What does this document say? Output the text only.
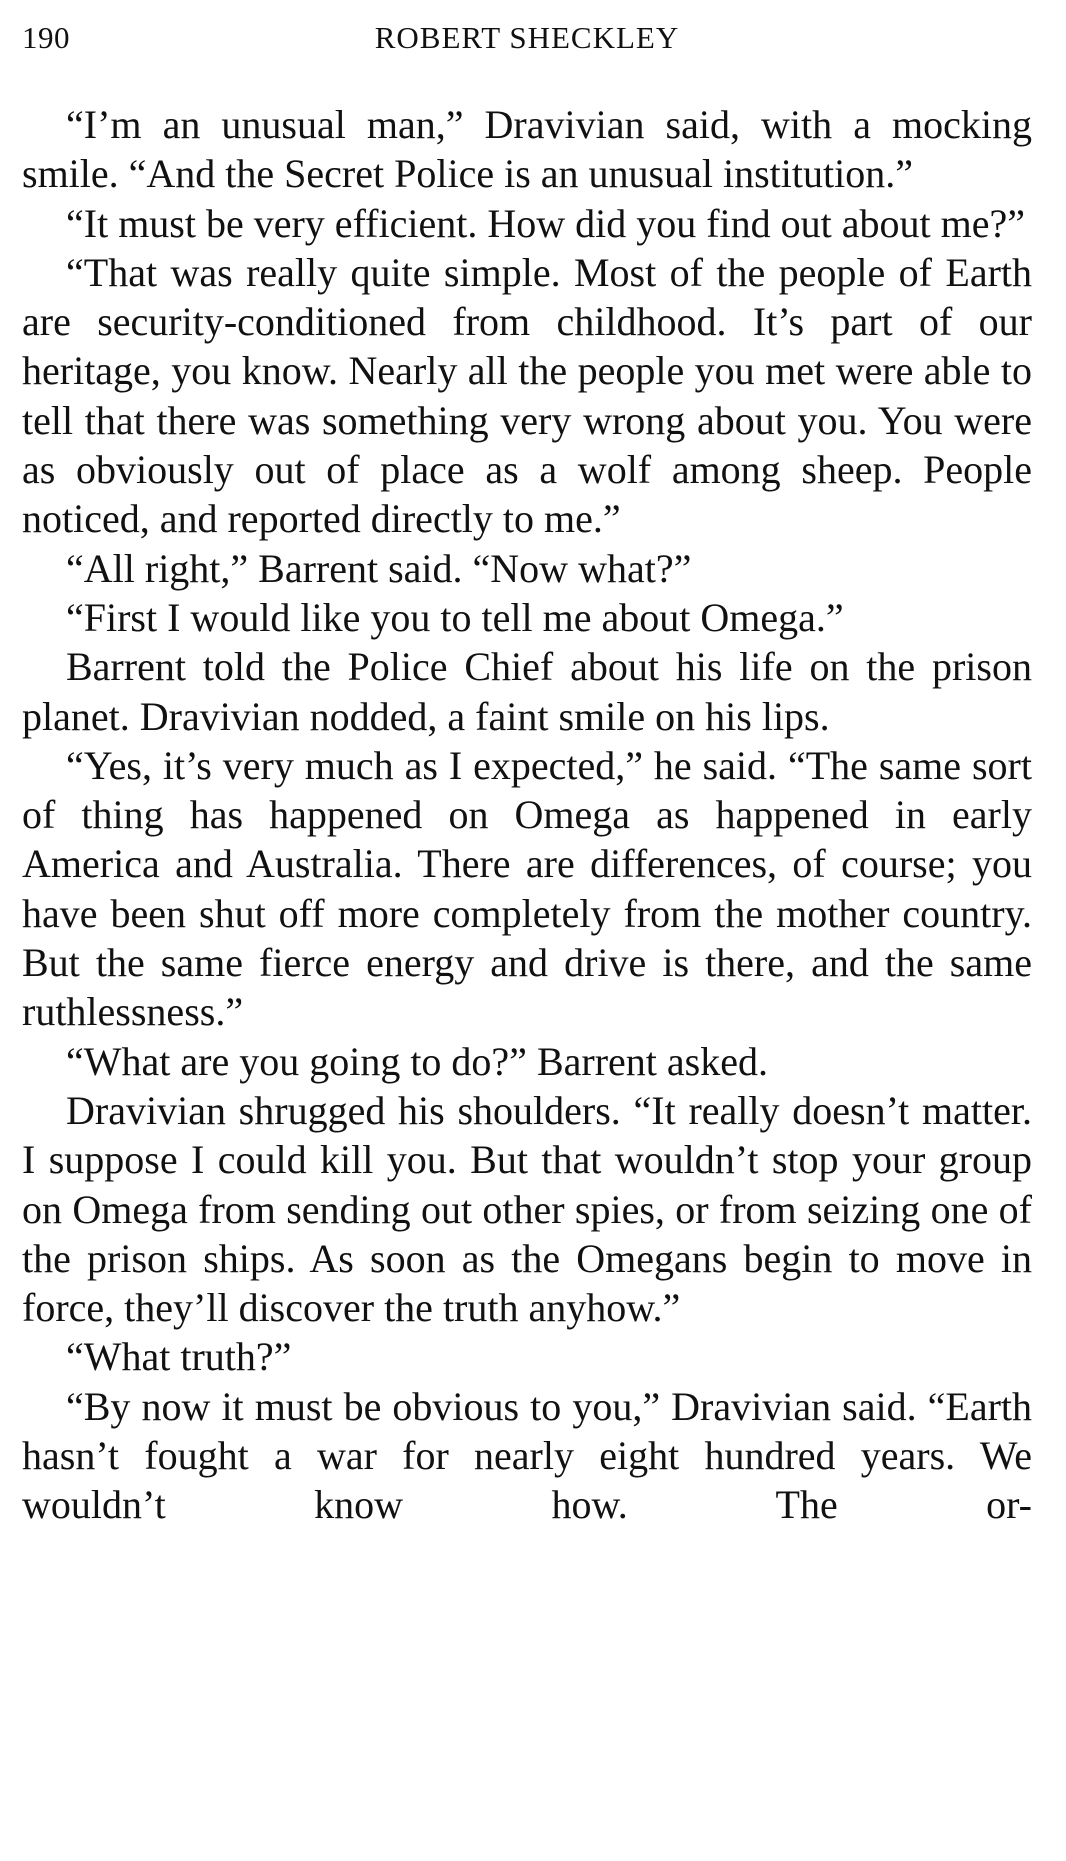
190	ROBERT SHECKLEY

“I’m an unusual man,” Dravivian said, with a mocking smile. “And the Secret Police is an unusual institution.”

“It must be very efficient. How did you find out about me?”

“That was really quite simple. Most of the people of Earth are security-conditioned from childhood. It’s part of our heritage, you know. Nearly all the people you met were able to tell that there was something very wrong about you. You were as obviously out of place as a wolf among sheep. People noticed, and reported directly to me.”

“All right,” Barrent said. “Now what?”

“First I would like you to tell me about Omega.”

Barrent told the Police Chief about his life on the prison planet. Dravivian nodded, a faint smile on his lips.

“Yes, it’s very much as I expected,” he said. “The same sort of thing has happened on Omega as happened in early America and Australia. There are differences, of course; you have been shut off more completely from the mother country. But the same fierce energy and drive is there, and the same ruthlessness.”

“What are you going to do?” Barrent asked.

Dravivian shrugged his shoulders. “It really doesn’t matter. I suppose I could kill you. But that wouldn’t stop your group on Omega from sending out other spies, or from seizing one of the prison ships. As soon as the Omegans begin to move in force, they’ll discover the truth anyhow.”

“What truth?”

“By now it must be obvious to you,” Dravivian said. “Earth hasn’t fought a war for nearly eight hundred years. We wouldn’t know how. The or-
